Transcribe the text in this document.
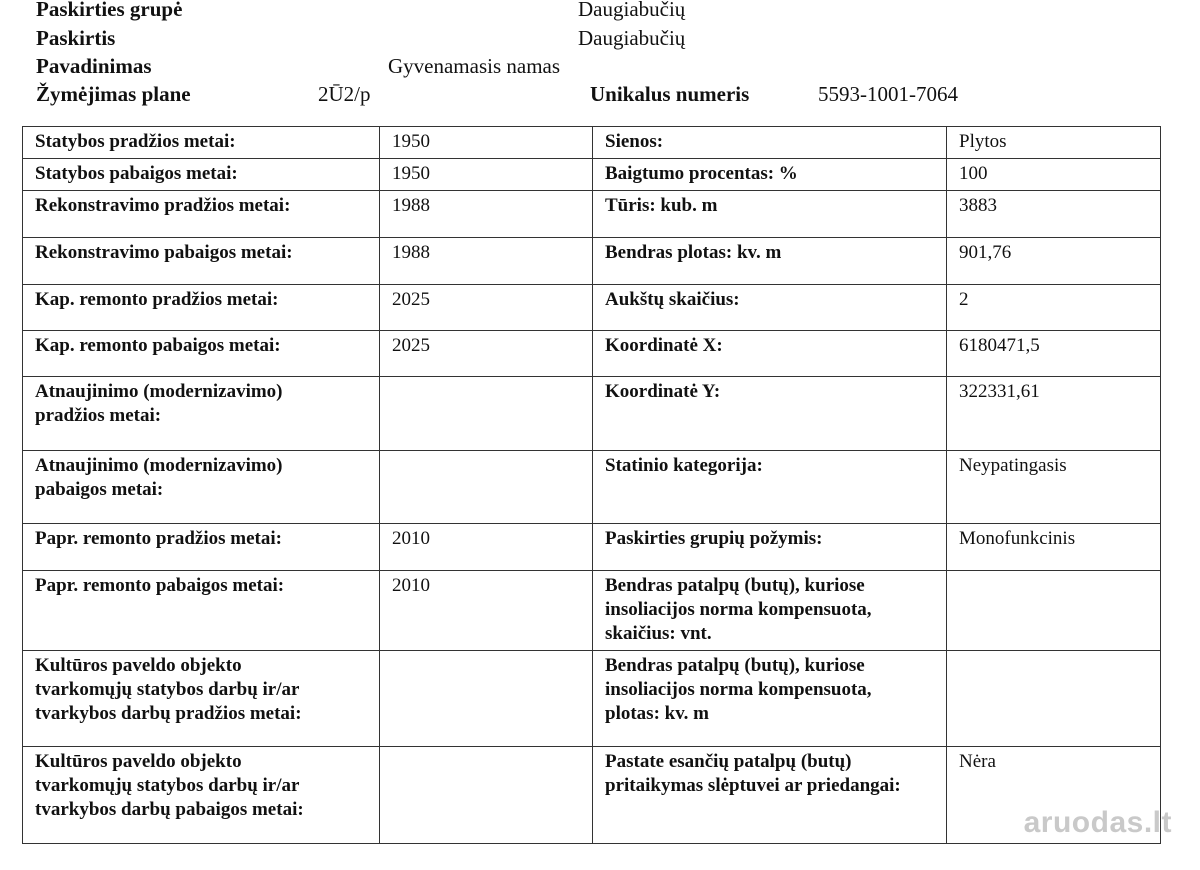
Paskirties grupė	Daugiabučių
Paskirtis	Daugiabučių
Pavadinimas	Gyvenamasis namas
Žymėjimas plane	2Ū2/p	Unikalus numeris	5593-1001-7064
Statybos pradžios metai:	1950	Sienos:	Plytos
Statybos pabaigos metai:	1950	Baigtumo procentas: %	100
Rekonstravimo pradžios metai:	1988	Tūris: kub. m	3883
Rekonstravimo pabaigos metai:	1988	Bendras plotas: kv. m	901,76
Kap. remonto pradžios metai:	2025	Aukštų skaičius:	2
Kap. remonto pabaigos metai:	2025	Koordinatė X:	6180471,5
Atnaujinimo (modernizavimo)
pradžios metai:		Koordinatė Y:	322331,61
Atnaujinimo (modernizavimo)
pabaigos metai:		Statinio kategorija:	Neypatingasis
Papr. remonto pradžios metai:	2010	Paskirties grupių požymis:	Monofunkcinis
Papr. remonto pabaigos metai:	2010	Bendras patalpų (butų), kuriose
insoliacijos norma kompensuota,
skaičius: vnt.	
Kultūros paveldo objekto
tvarkomųjų statybos darbų ir/ar
tvarkybos darbų pradžios metai:		Bendras patalpų (butų), kuriose
insoliacijos norma kompensuota,
plotas: kv. m	
Kultūros paveldo objekto
tvarkomųjų statybos darbų ir/ar
tvarkybos darbų pabaigos metai:		Pastate esančių patalpų (butų)
pritaikymas slėptuvei ar priedangai:	Nėra
aruodas.lt
